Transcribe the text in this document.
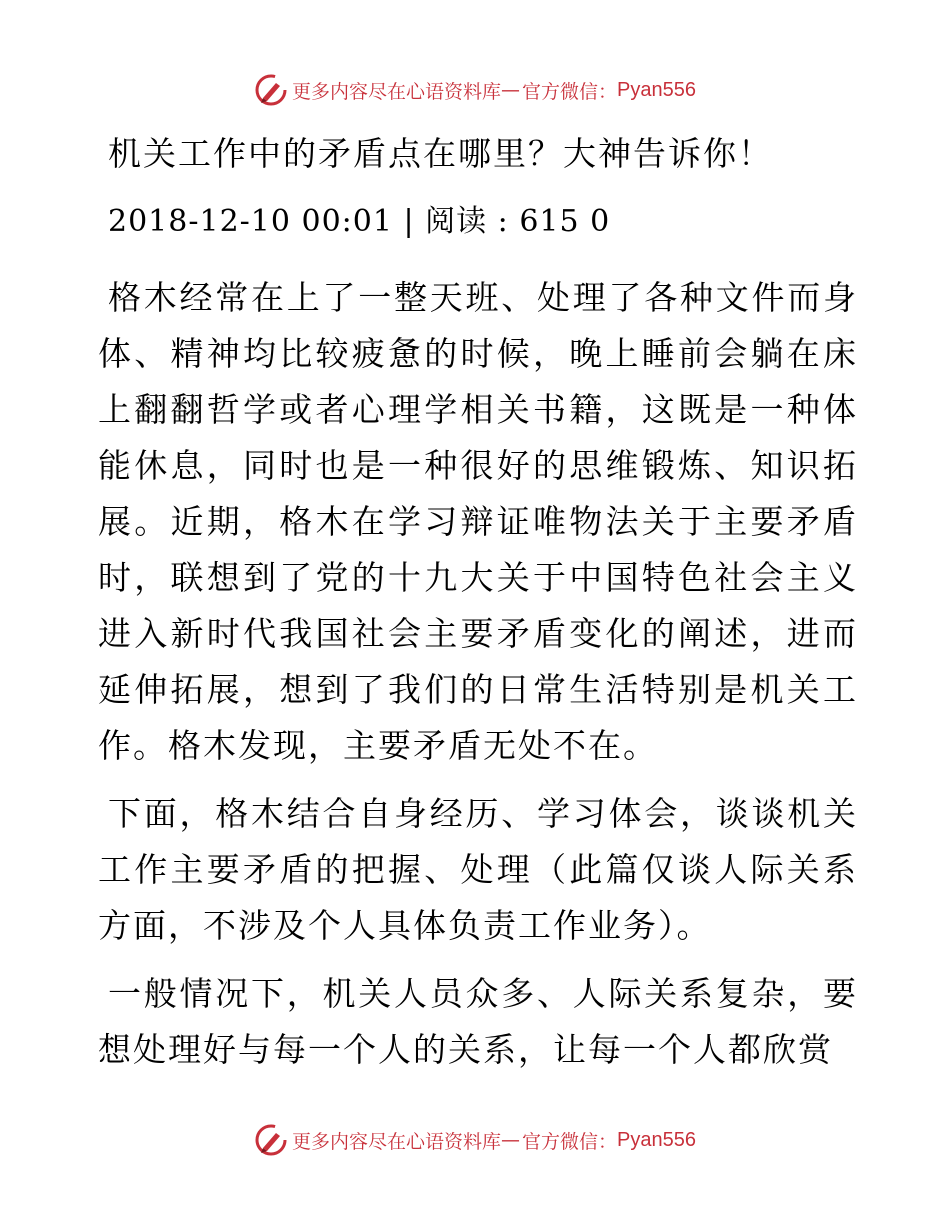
更多内容尽在心语资料库 — 官方微信： Pyan556
机关工作中的矛盾点在哪里？大神告诉你！

2018-12-10 00:01 | 阅读 : 615 0

格木经常在上了一整天班、处理了各种文件而身体、精神均比较疲惫的时候，晚上睡前会躺在床上翻翻哲学或者心理学相关书籍，这既是一种体能休息，同时也是一种很好的思维锻炼、知识拓展。近期，格木在学习辩证唯物法关于主要矛盾时，联想到了党的十九大关于中国特色社会主义进入新时代我国社会主要矛盾变化的阐述，进而延伸拓展，想到了我们的日常生活特别是机关工作。格木发现，主要矛盾无处不在。

下面，格木结合自身经历、学习体会，谈谈机关工作主要矛盾的把握、处理（此篇仅谈人际关系方面，不涉及个人具体负责工作业务）。

一般情况下，机关人员众多、人际关系复杂，要想处理好与每一个人的关系，让每一个人都欣赏

更多内容尽在心语资料库 — 官方微信： Pyan556
